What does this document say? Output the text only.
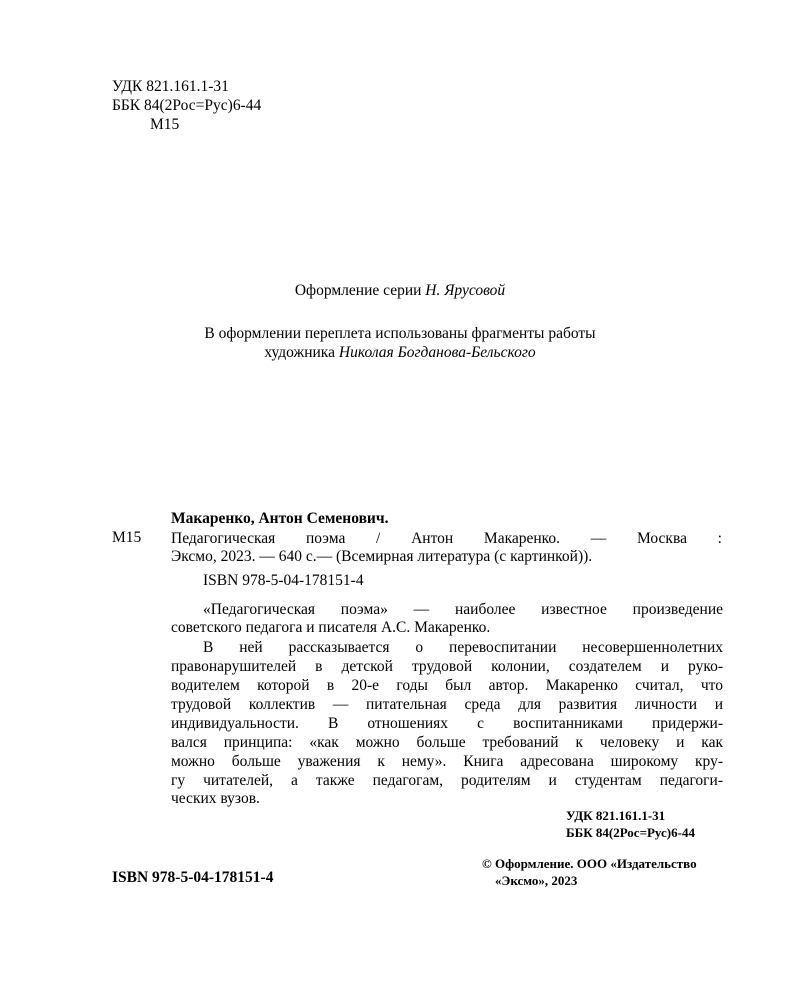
УДК 821.161.1-31

ББК 84(2Рос=Рус)6-44

М15

Оформление серии Н. Ярусовой

В оформлении переплета использованы фрагменты работы

художника Николая Богданова-Бельского

Макаренко, Антон Семенович.

М15 Педагогическая поэма / Антон Макаренко. — Москва :

Эксмо, 2023. — 640 с.— (Всемирная литература (с картинкой)).

ISBN 978-5-04-178151-4

«Педагогическая поэма» — наиболее известное произведение

советского педагога и писателя А.С. Макаренко.

В ней рассказывается о перевоспитании несовершеннолетних

правонарушителей в детской трудовой колонии, создателем и руко-

водителем которой в 20-е годы был автор. Макаренко считал, что

трудовой коллектив — питательная среда для развития личности и

индивидуальности. В отношениях с воспитанниками придержи-

вался принципа: «как можно больше требований к человеку и как

можно больше уважения к нему». Книга адресована широкому кру-

гу читателей, а также педагогам, родителям и студентам педагоги-

ческих вузов.

УДК 821.161.1-31

ББК 84(2Рос=Рус)6-44

ISBN 978-5-04-178151-4

© Оформление. ООО «Издательство

«Эксмо», 2023
